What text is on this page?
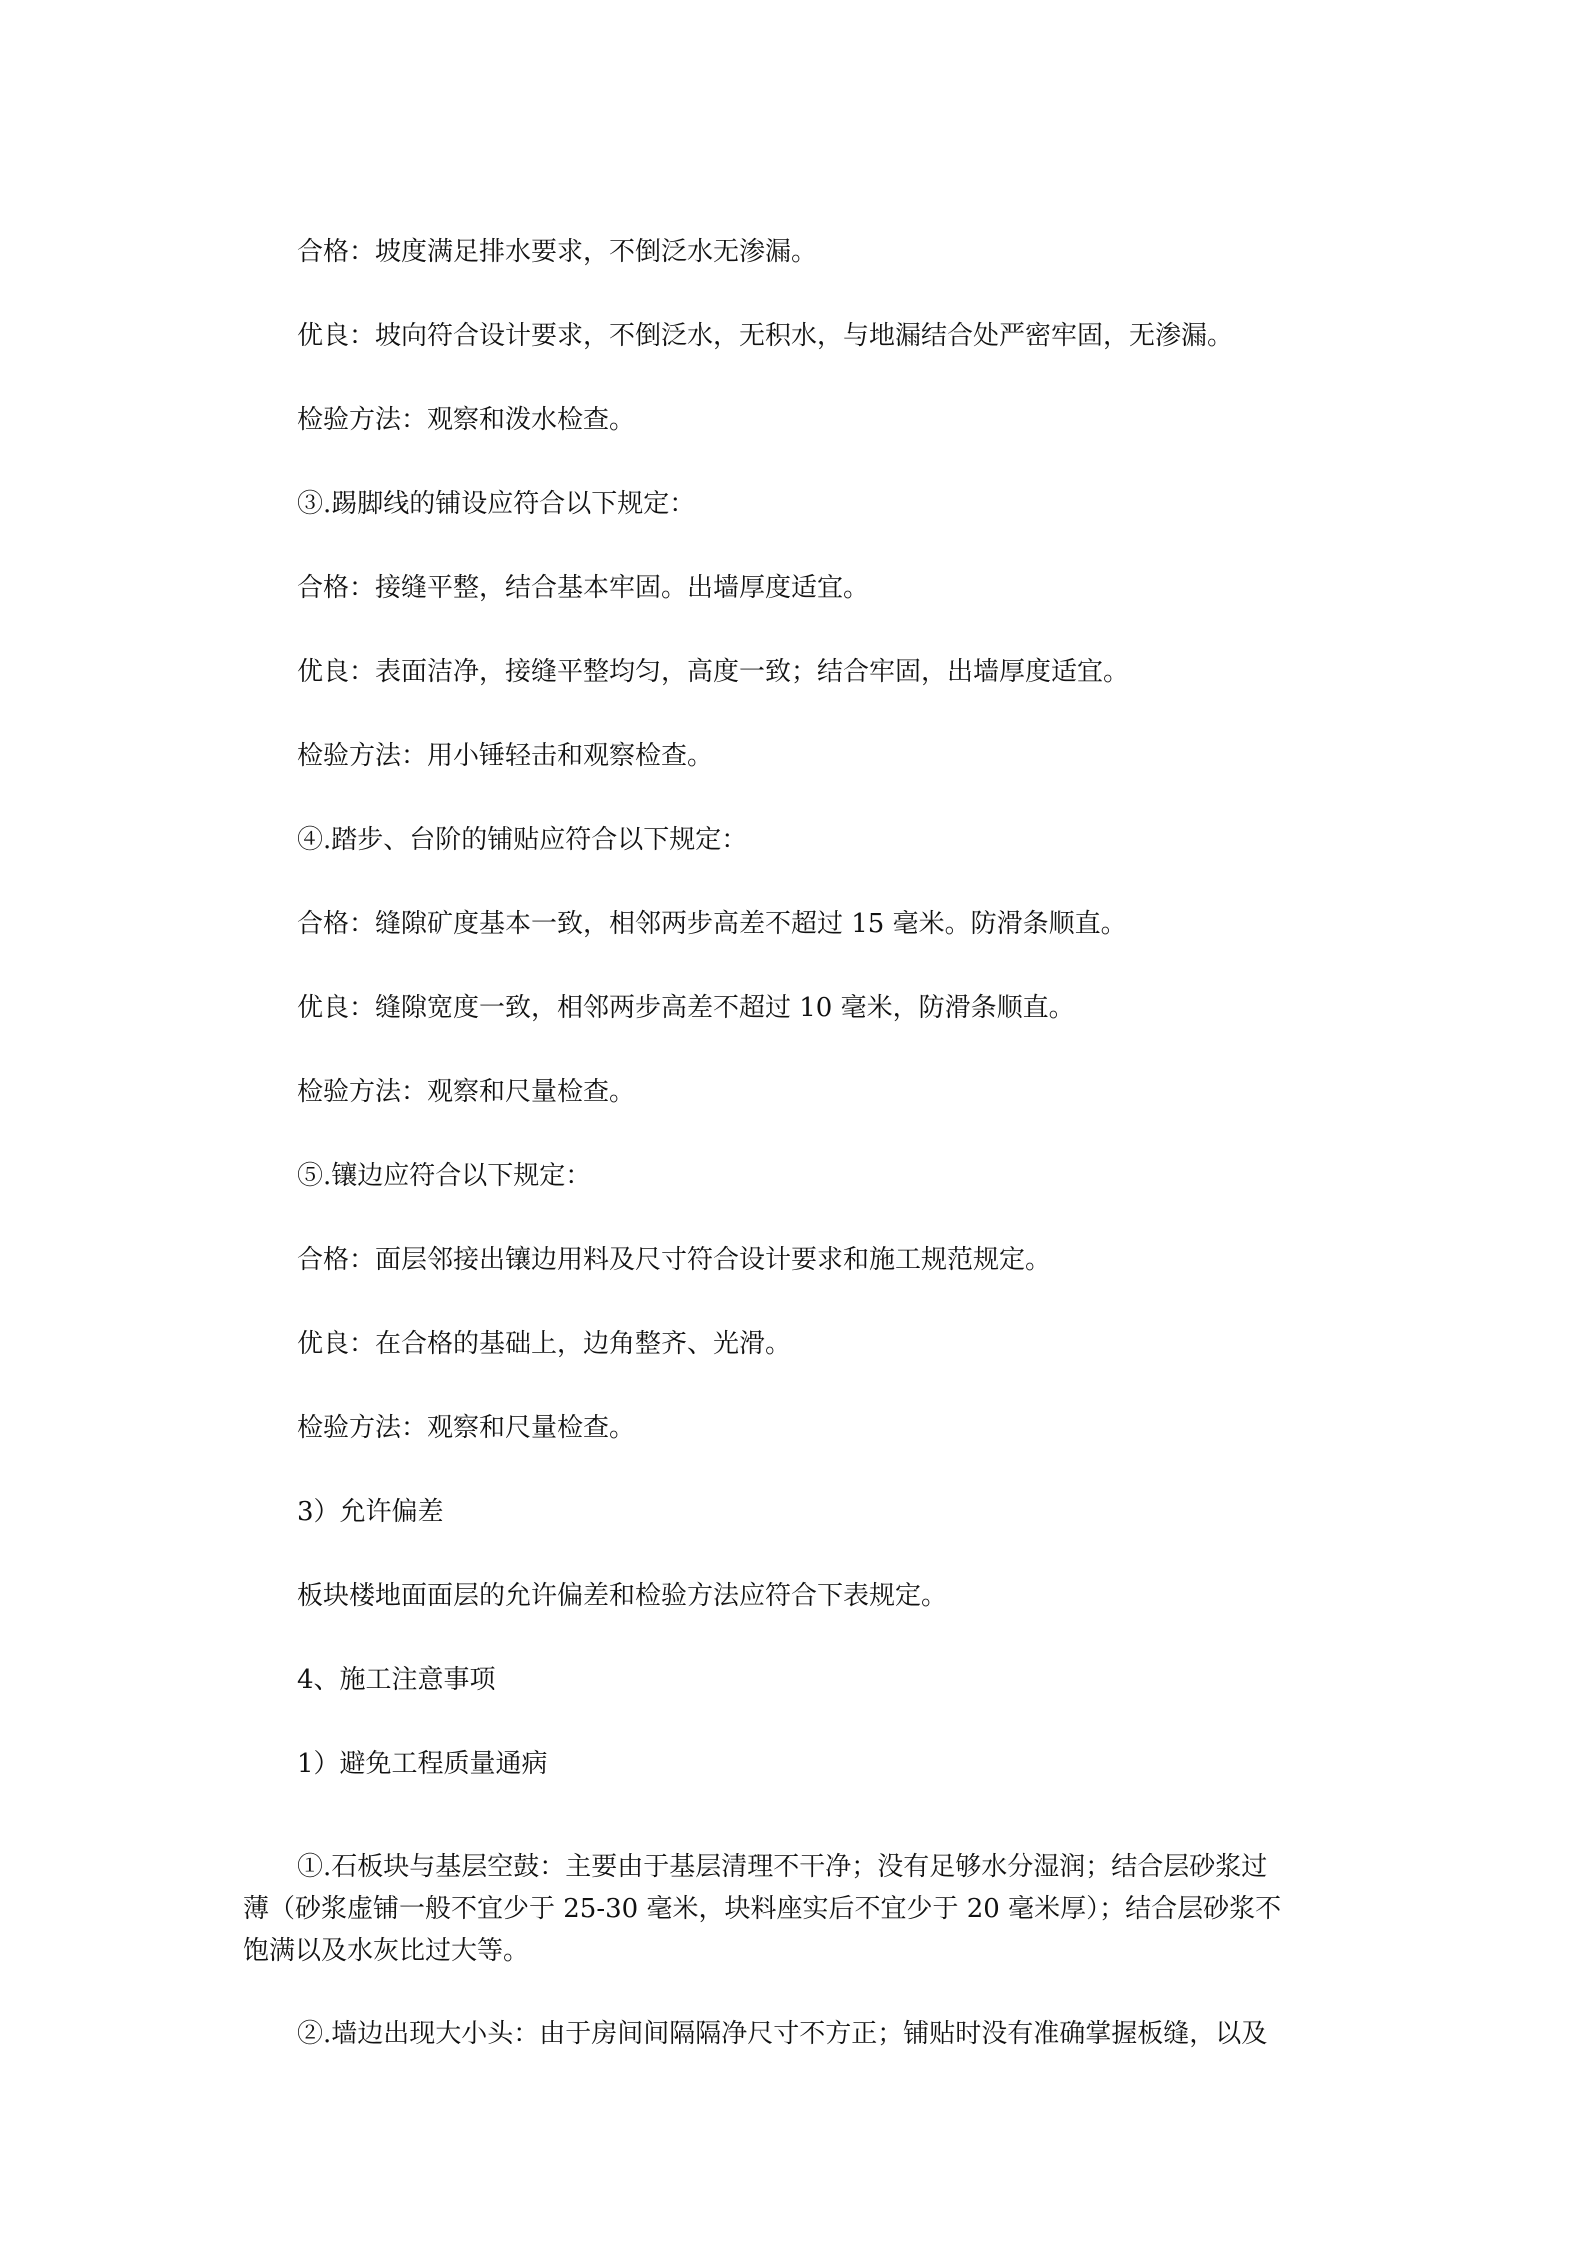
合格：坡度满足排水要求，不倒泛水无渗漏。

优良：坡向符合设计要求，不倒泛水，无积水，与地漏结合处严密牢固，无渗漏。

检验方法：观察和泼水检查。

③.踢脚线的铺设应符合以下规定：

合格：接缝平整，结合基本牢固。出墙厚度适宜。

优良：表面洁净，接缝平整均匀，高度一致；结合牢固，出墙厚度适宜。

检验方法：用小锤轻击和观察检查。

④.踏步、台阶的铺贴应符合以下规定：

合格：缝隙矿度基本一致，相邻两步高差不超过 15 毫米。防滑条顺直。

优良：缝隙宽度一致，相邻两步高差不超过 10 毫米，防滑条顺直。

检验方法：观察和尺量检查。

⑤.镶边应符合以下规定：

合格：面层邻接出镶边用料及尺寸符合设计要求和施工规范规定。

优良：在合格的基础上，边角整齐、光滑。

检验方法：观察和尺量检查。

3）允许偏差

板块楼地面面层的允许偏差和检验方法应符合下表规定。

4、施工注意事项

1）避免工程质量通病

①.石板块与基层空鼓：主要由于基层清理不干净；没有足够水分湿润；结合层砂浆过
薄（砂浆虚铺一般不宜少于 25-30 毫米，块料座实后不宜少于 20 毫米厚）；结合层砂浆不
饱满以及水灰比过大等。

②.墙边出现大小头：由于房间间隔隔净尺寸不方正；铺贴时没有准确掌握板缝，以及
